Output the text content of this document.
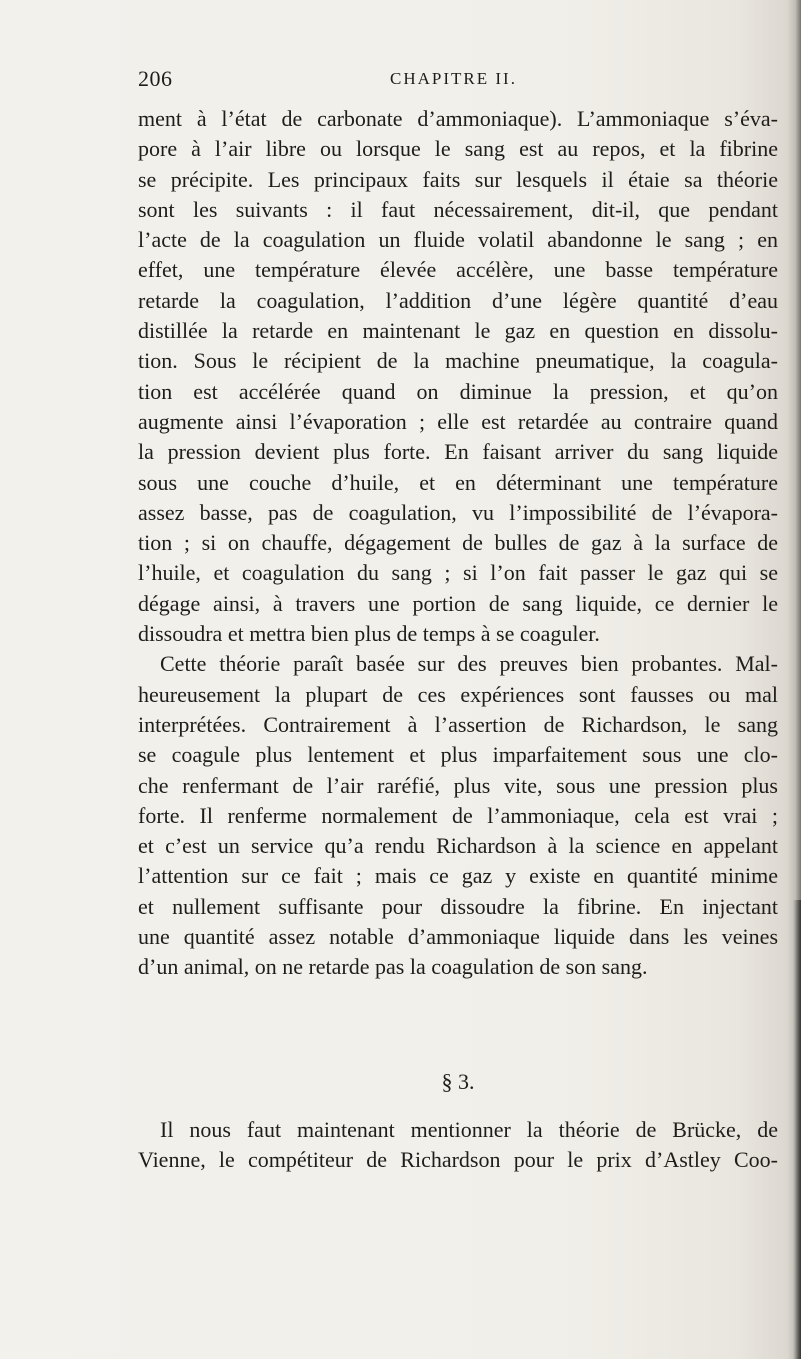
206	CHAPITRE II.
ment à l’état de carbonate d’ammoniaque). L’ammoniaque s’éva-
pore à l’air libre ou lorsque le sang est au repos, et la fibrine
se précipite. Les principaux faits sur lesquels il étaie sa théorie
sont les suivants : il faut nécessairement, dit-il, que pendant
l’acte de la coagulation un fluide volatil abandonne le sang ; en
effet, une température élevée accélère, une basse température
retarde la coagulation, l’addition d’une légère quantité d’eau
distillée la retarde en maintenant le gaz en question en dissolu-
tion. Sous le récipient de la machine pneumatique, la coagula-
tion est accélérée quand on diminue la pression, et qu’on
augmente ainsi l’évaporation ; elle est retardée au contraire quand
la pression devient plus forte. En faisant arriver du sang liquide
sous une couche d’huile, et en déterminant une température
assez basse, pas de coagulation, vu l’impossibilité de l’évapora-
tion ; si on chauffe, dégagement de bulles de gaz à la surface de
l’huile, et coagulation du sang ; si l’on fait passer le gaz qui se
dégage ainsi, à travers une portion de sang liquide, ce dernier le
dissoudra et mettra bien plus de temps à se coaguler.
Cette théorie paraît basée sur des preuves bien probantes. Mal-
heureusement la plupart de ces expériences sont fausses ou mal
interprétées. Contrairement à l’assertion de Richardson, le sang
se coagule plus lentement et plus imparfaitement sous une clo-
che renfermant de l’air raréfié, plus vite, sous une pression plus
forte. Il renferme normalement de l’ammoniaque, cela est vrai ;
et c’est un service qu’a rendu Richardson à la science en appelant
l’attention sur ce fait ; mais ce gaz y existe en quantité minime
et nullement suffisante pour dissoudre la fibrine. En injectant
une quantité assez notable d’ammoniaque liquide dans les veines
d’un animal, on ne retarde pas la coagulation de son sang.
§ 3.
Il nous faut maintenant mentionner la théorie de Brücke, de
Vienne, le compétiteur de Richardson pour le prix d’Astley Coo-
